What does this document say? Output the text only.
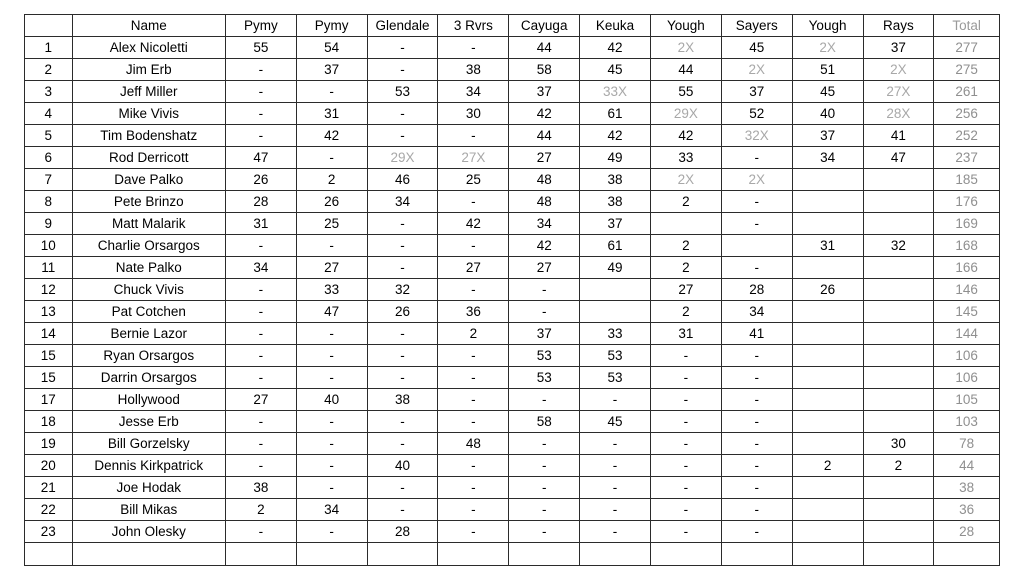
	Name	Pymy	Pymy	Glendale	3 Rvrs	Cayuga	Keuka	Yough	Sayers	Yough	Rays	Total
1	Alex Nicoletti	55	54	-	-	44	42	2X	45	2X	37	277
2	Jim Erb	-	37	-	38	58	45	44	2X	51	2X	275
3	Jeff Miller	-	-	53	34	37	33X	55	37	45	27X	261
4	Mike Vivis	-	31	-	30	42	61	29X	52	40	28X	256
5	Tim Bodenshatz	-	42	-	-	44	42	42	32X	37	41	252
6	Rod Derricott	47	-	29X	27X	27	49	33	-	34	47	237
7	Dave Palko	26	2	46	25	48	38	2X	2X			185
8	Pete Brinzo	28	26	34	-	48	38	2	-			176
9	Matt Malarik	31	25	-	42	34	37		-			169
10	Charlie Orsargos	-	-	-	-	42	61	2		31	32	168
11	Nate Palko	34	27	-	27	27	49	2	-			166
12	Chuck Vivis	-	33	32	-	-		27	28	26		146
13	Pat Cotchen	-	47	26	36	-		2	34			145
14	Bernie Lazor	-	-	-	2	37	33	31	41			144
15	Ryan Orsargos	-	-	-	-	53	53	-	-			106
15	Darrin Orsargos	-	-	-	-	53	53	-	-			106
17	Hollywood	27	40	38	-	-	-	-	-			105
18	Jesse Erb	-	-	-	-	58	45	-	-			103
19	Bill Gorzelsky	-	-	-	48	-	-	-	-		30	78
20	Dennis Kirkpatrick	-	-	40	-	-	-	-	-	2	2	44
21	Joe Hodak	38	-	-	-	-	-	-	-			38
22	Bill Mikas	2	34	-	-	-	-	-	-			36
23	John Olesky	-	-	28	-	-	-	-	-			28
